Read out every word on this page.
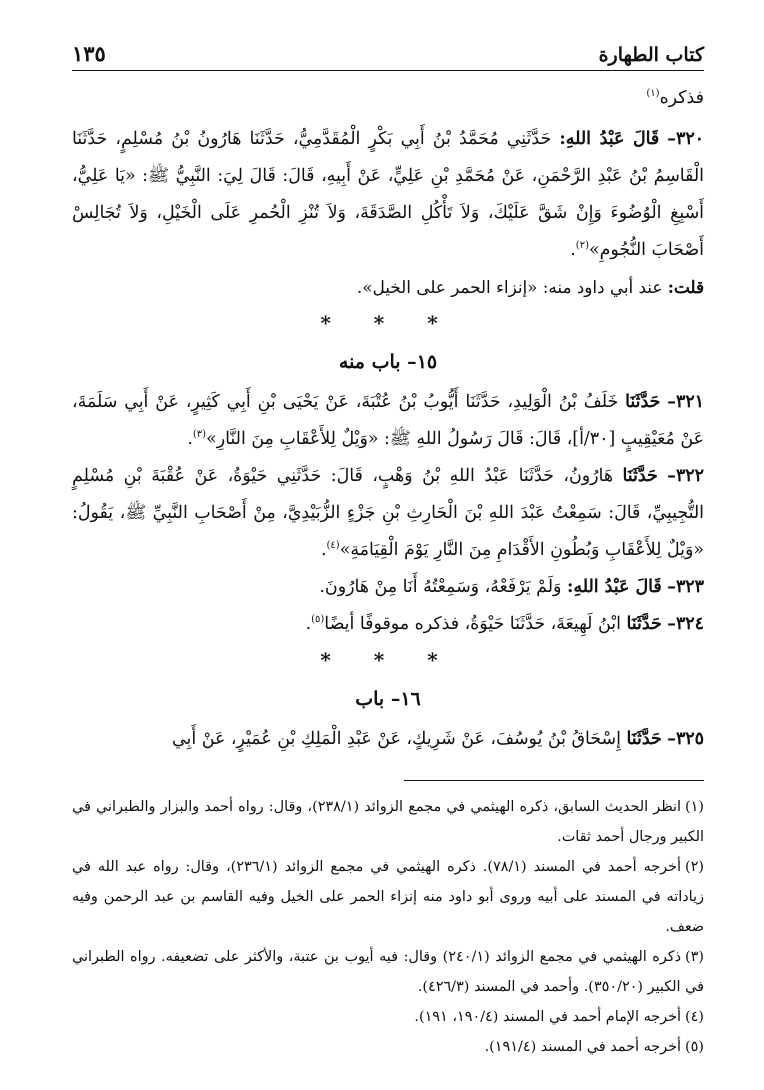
كتاب الطهارة
١٣٥

فذكره$^{(١)}$

٣٢٠– قَالَ عَبْدُ اللهِ: حَدَّثَنِي مُحَمَّدُ بْنُ أَبِي بَكْرٍ الْمُقَدَّمِيُّ، حَدَّثَنَا هَارُونُ بْنُ مُسْلِمٍ، حَدَّثَنَا الْقَاسِمُ بْنُ عَبْدِ الرَّحْمَنِ، عَنْ مُحَمَّدِ بْنِ عَلِيٍّ، عَنْ أَبِيهِ، قَالَ: قَالَ لِيَ: النَّبِيُّ ﷺ: «يَا عَلِيُّ، أَسْبِغِ الْوُضُوءَ وَإِنْ شَقَّ عَلَيْكَ، وَلاَ تَأْكُلِ الصَّدَقَةَ، وَلاَ تُنْزِ الْحُمرِ عَلَى الْخَيْلِ، وَلاَ تُجَالِسْ أَصْحَابَ النُّجُومِ»$^{(٢)}$.

قلت: عند أبي داود منه: «إنزاء الحمر على الخيل».

* * *
١٥– باب منه

٣٢١– حَدَّثَنَا خَلَفُ بْنُ الْوَلِيدِ، حَدَّثَنَا أَيُّوبُ بْنُ عُتْبَةَ، عَنْ يَحْيَى بْنِ أَبِي كَثِيرٍ، عَنْ أَبِي سَلَمَةَ، عَنْ مُعَيْقِيبٍ [٣٠/أ]، قَالَ: قَالَ رَسُولُ اللهِ ﷺ: «وَيْلٌ لِلأَعْقَابِ مِنَ النَّارِ»$^{(٣)}$.

٣٢٢– حَدَّثَنَا هَارُونُ، حَدَّثَنَا عَبْدُ اللهِ بْنُ وَهْبٍ، قَالَ: حَدَّثَنِي حَيْوَةُ، عَنْ عُقْبَةَ بْنِ مُسْلِمٍ التُّجِيبِيِّ، قَالَ: سَمِعْتُ عَبْدَ اللهِ بْنَ الْحَارِثِ بْنِ جَزْءٍ الزُّبَيْدِيَّ، مِنْ أَصْحَابِ النَّبِيِّ ﷺ، يَقُولُ: «وَيْلٌ لِلأَعْقَابِ وَبُطُونِ الأَقْدَامِ مِنَ النَّارِ يَوْمَ الْقِيَامَةِ»$^{(٤)}$.

٣٢٣– قَالَ عَبْدُ اللهِ: وَلَمْ يَرْفَعْهُ، وَسَمِعْتُهُ أَنَا مِنْ هَارُونَ.

٣٢٤– حَدَّثَنَا ابْنُ لَهِيعَةَ، حَدَّثَنَا حَيْوَةُ، فذكره موقوفًا أيضًا$^{(٥)}$.

* * *
١٦– باب

٣٢٥– حَدَّثَنَا إِسْحَاقُ بْنُ يُوسُفَ، عَنْ شَرِيكٍ، عَنْ عَبْدِ الْمَلِكِ بْنِ عُمَيْرٍ، عَنْ أَبِي

(١)انظر الحديث السابق، ذكره الهيثمي في مجمع الزوائد (٢٣٨/١)، وقال: رواه أحمد والبزار والطبراني في الكبير ورجال أحمد ثقات.

(٢)أخرجه أحمد في المسند (٧٨/١). ذكره الهيثمي في مجمع الزوائد (٢٣٦/١)، وقال: رواه عبد الله في زياداته في المسند على أبيه وروى أبو داود منه إنزاء الحمر على الخيل وفيه القاسم بن عبد الرحمن وفيه ضعف.

(٣)ذكره الهيثمي في مجمع الزوائد (٢٤٠/١) وقال: فيه أيوب بن عتبة، والأكثر على تضعيفه. رواه الطبراني في الكبير (٣٥٠/٢٠). وأحمد في المسند (٤٢٦/٣).

(٤)أخرجه الإمام أحمد في المسند (١٩٠/٤، ١٩١).

(٥)أخرجه أحمد في المسند (١٩١/٤).
